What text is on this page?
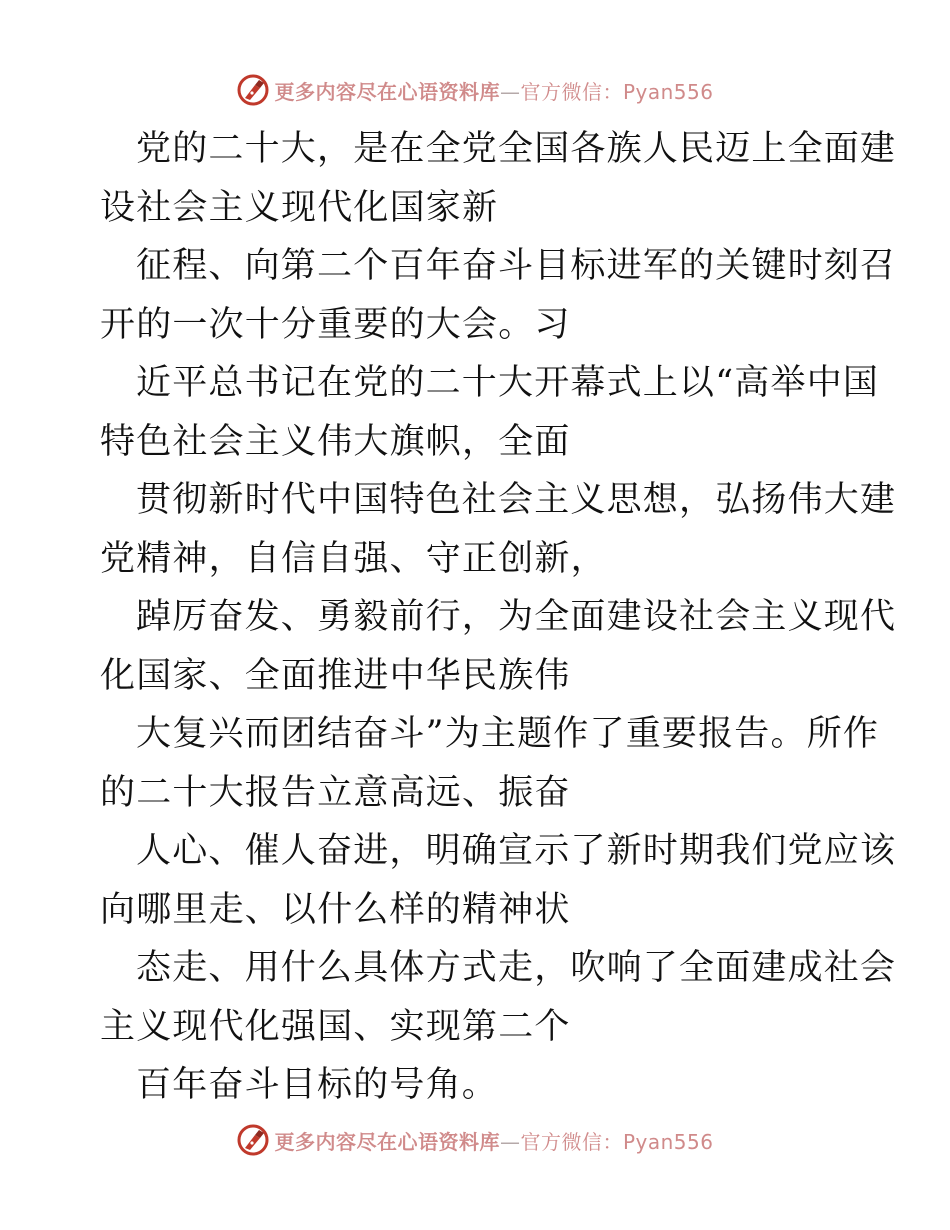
更多内容尽在心语资料库—官方微信：Pyan556
党的二十大，是在全党全国各族人民迈上全面建
设社会主义现代化国家新
征程、向第二个百年奋斗目标进军的关键时刻召
开的一次十分重要的大会。习
近平总书记在党的二十大开幕式上以“高举中国
特色社会主义伟大旗帜，全面
贯彻新时代中国特色社会主义思想，弘扬伟大建
党精神，自信自强、守正创新，
踔厉奋发、勇毅前行，为全面建设社会主义现代
化国家、全面推进中华民族伟
大复兴而团结奋斗”为主题作了重要报告。所作
的二十大报告立意高远、振奋
人心、催人奋进，明确宣示了新时期我们党应该
向哪里走、以什么样的精神状
态走、用什么具体方式走，吹响了全面建成社会
主义现代化强国、实现第二个
百年奋斗目标的号角。
更多内容尽在心语资料库—官方微信：Pyan556
